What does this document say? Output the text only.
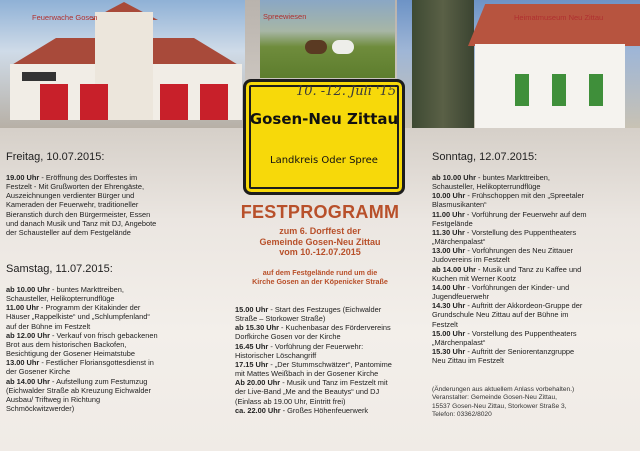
Feuerwache Gosen	Spreewiesen	Heimatmuseum Neu Zittau
10. -12. Juli '15
Gosen-Neu Zittau
Landkreis Oder Spree
FESTPROGRAMM
zum 6. Dorffest der
Gemeinde Gosen-Neu Zittau
vom 10.-12.07.2015
auf dem Festgelände rund um die
Kirche Gosen an der Köpenicker Straße
Freitag, 10.07.2015:

19.00 Uhr - Eröffnung des Dorffestes im

Festzelt - Mit Grußworten der Ehrengäste,

Auszeichnungen verdienter Bürger und

Kameraden der Feuerwehr, traditioneller

Bieranstich durch den Bürgermeister, Essen

und danach Musik und Tanz mit DJ, Angebote

der Schausteller auf dem Festgelände

Samstag, 11.07.2015:

ab 10.00 Uhr - buntes Markttreiben,

Schausteller, Helikopterrundflüge

11.00 Uhr - Programm der Kitakinder der

Häuser „Rappelkiste“ und „Schlumpfenland“

auf der Bühne im Festzelt

ab 12.00 Uhr - Verkauf von frisch gebackenen

Brot aus dem historischen Backofen,

Besichtigung der Gosener Heimatstube

13.00 Uhr - Festlicher Floriansgottesdienst in

der Gosener Kirche

ab 14.00 Uhr - Aufstellung zum Festumzug

(Eichwalder Straße ab Kreuzung Eichwalder

Ausbau/ Triftweg in Richtung

Schmöckwitzwerder)

15.00 Uhr - Start des Festzuges (Eichwalder

Straße – Storkower Straße)

ab 15.30 Uhr - Kuchenbasar des Fördervereins

Dorfkirche Gosen vor der Kirche

16.45 Uhr - Vorführung der Feuerwehr:

Historischer Löschangriff

17.15 Uhr - „Der Stummschwätzer“, Pantomime

mit Mattes Weißbach in der Gosener Kirche

Ab 20.00 Uhr - Musik und Tanz im Festzelt mit

der Live-Band „Me and the Beautys“ und DJ

(Einlass ab 19.00 Uhr, Eintritt frei)

ca. 22.00 Uhr - Großes Höhenfeuerwerk

Sonntag, 12.07.2015:

ab 10.00 Uhr - buntes Markttreiben,

Schausteller, Helikopterrundflüge

10.00 Uhr - Frühschoppen mit den „Spreetaler

Blasmusikanten“

11.00 Uhr - Vorführung der Feuerwehr auf dem

Festgelände

11.30 Uhr - Vorstellung des Puppentheaters

„Märchenpalast“

13.00 Uhr - Vorführungen des Neu Zittauer

Judovereins im Festzelt

ab 14.00 Uhr - Musik und Tanz zu Kaffee und

Kuchen mit Werner Kootz

14.00 Uhr - Vorführungen der Kinder- und

Jugendfeuerwehr

14.30 Uhr - Auftritt der Akkordeon-Gruppe der

Grundschule Neu Zittau auf der Bühne im

Festzelt

15.00 Uhr - Vorstellung des Puppentheaters

„Märchenpalast“

15.30 Uhr - Auftritt der Seniorentanzgruppe

Neu Zittau im Festzelt

(Änderungen aus aktuellem Anlass vorbehalten.)
Veranstalter: Gemeinde Gosen-Neu Zittau,
15537 Gosen-Neu Zittau, Storkower Straße 3,
Telefon: 03362/8020
